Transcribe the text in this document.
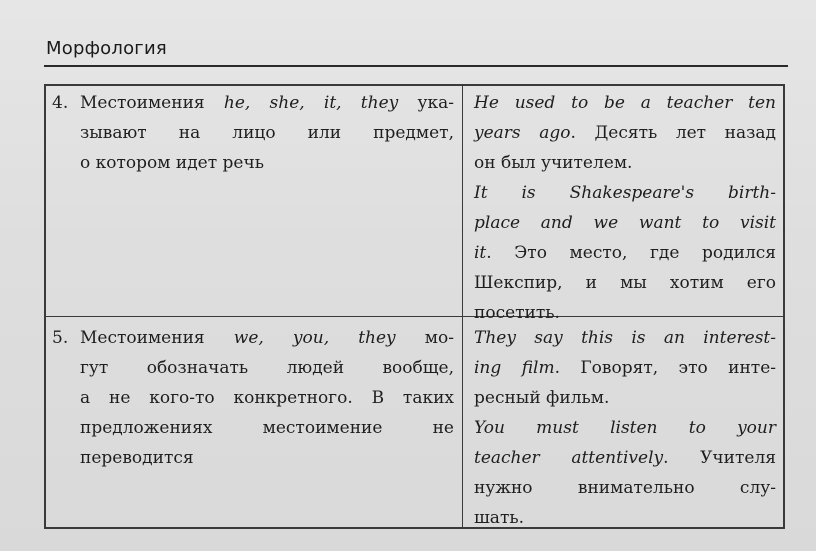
Морфология
4. Местоимения he, she, it, they ука-
зывают на лицо или предмет,
о котором идет речь
He used to be a teacher ten
years ago. Десять лет назад
он был учителем.
It is Shakespeare's birth-
place and we want to visit
it. Это место, где родился
Шекспир, и мы хотим его
посетить.
5. Местоимения we, you, they мо-
гут обозначать людей вообще,
а не кого-то конкретного. В таких
предложениях местоимение не
переводится
They say this is an interest-
ing film. Говорят, это инте-
ресный фильм.
You must listen to your
teacher attentively. Учителя
нужно внимательно слу-
шать.
